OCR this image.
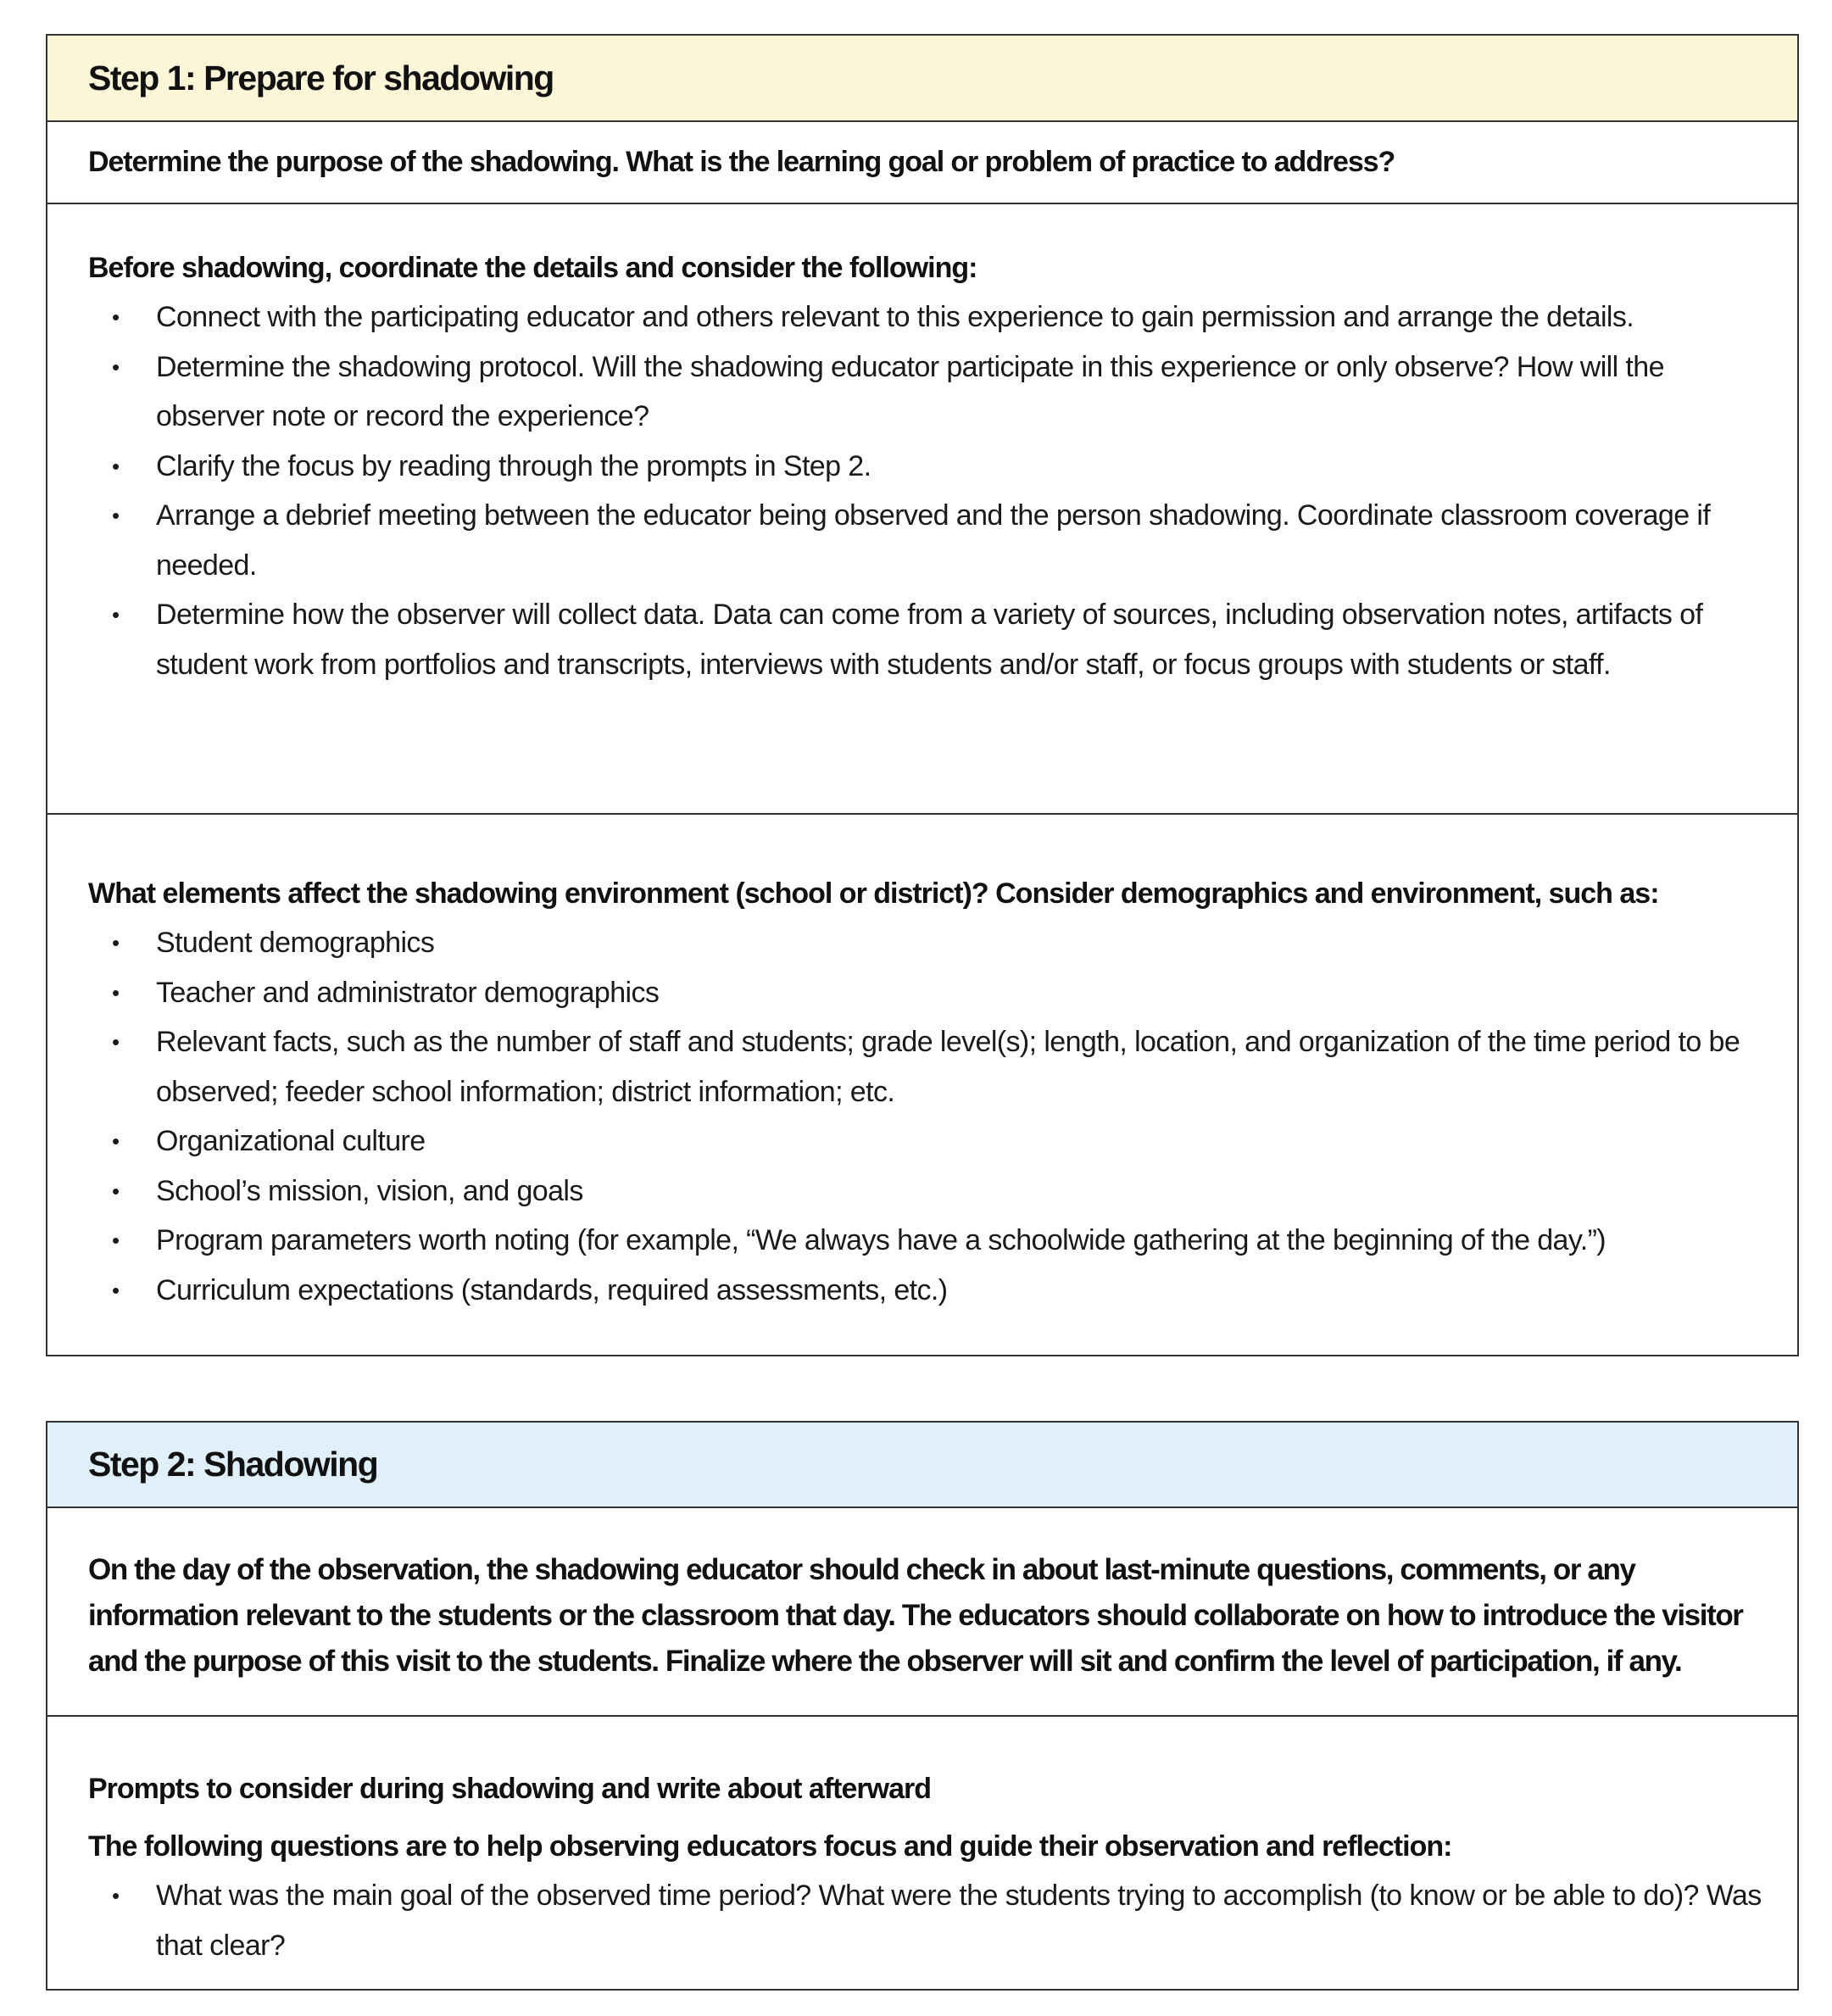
Step 1: Prepare for shadowing
Determine the purpose of the shadowing. What is the learning goal or problem of practice to address?
Before shadowing, coordinate the details and consider the following:
• Connect with the participating educator and others relevant to this experience to gain permission and arrange the details.
• Determine the shadowing protocol. Will the shadowing educator participate in this experience or only observe? How will the observer note or record the experience?
• Clarify the focus by reading through the prompts in Step 2.
• Arrange a debrief meeting between the educator being observed and the person shadowing. Coordinate classroom coverage if needed.
• Determine how the observer will collect data. Data can come from a variety of sources, including observation notes, artifacts of student work from portfolios and transcripts, interviews with students and/or staff, or focus groups with students or staff.
What elements affect the shadowing environment (school or district)? Consider demographics and environment, such as:
• Student demographics
• Teacher and administrator demographics
• Relevant facts, such as the number of staff and students; grade level(s); length, location, and organization of the time period to be observed; feeder school information; district information; etc.
• Organizational culture
• School’s mission, vision, and goals
• Program parameters worth noting (for example, “We always have a schoolwide gathering at the beginning of the day.”)
• Curriculum expectations (standards, required assessments, etc.)
Step 2: Shadowing
On the day of the observation, the shadowing educator should check in about last-minute questions, comments, or any information relevant to the students or the classroom that day. The educators should collaborate on how to introduce the visitor and the purpose of this visit to the students. Finalize where the observer will sit and confirm the level of participation, if any.
Prompts to consider during shadowing and write about afterward
The following questions are to help observing educators focus and guide their observation and reflection:
• What was the main goal of the observed time period? What were the students trying to accomplish (to know or be able to do)? Was that clear?
